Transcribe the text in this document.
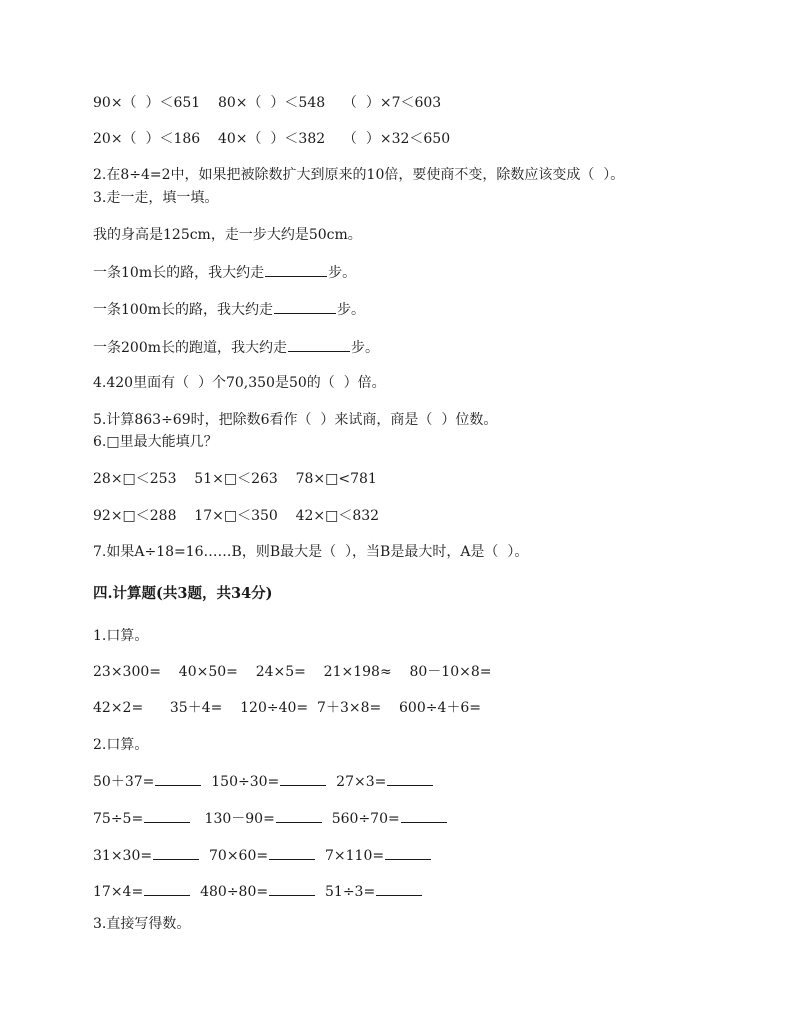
90×（  ）＜651    80×（  ）＜548    （  ）×7＜603
20×（  ）＜186    40×（  ）＜382    （  ）×32＜650
2.在8÷4=2中，如果把被除数扩大到原来的10倍，要使商不变，除数应该变成（  ）。
3.走一走，填一填。
我的身高是125cm，走一步大约是50cm。
一条10m长的路，我大约走	步。
一条100m长的路，我大约走	步。
一条200m长的跑道，我大约走	步。
4.420里面有（  ）个70,350是50的（  ）倍。
5.计算863÷69时，把除数6看作（  ）来试商，商是（  ）位数。
6.□里最大能填几？
28×□＜253    51×□＜263    78×□<781
92×□＜288    17×□＜350    42×□＜832
7.如果A÷18=16……B，则B最大是（  ），当B是最大时，A是（  ）。
四.计算题(共3题，共34分)
1.口算。
23×300=    40×50=    24×5=    21×198≈    80－10×8=
42×2=      35＋4=    120÷40=  7＋3×8=    600÷4＋6=
2.口算。
50＋37=	150÷30=	27×3=
75÷5=	130－90=	560÷70=
31×30=	70×60=	7×110=
17×4=	480÷80=	51÷3=
3.直接写得数。
